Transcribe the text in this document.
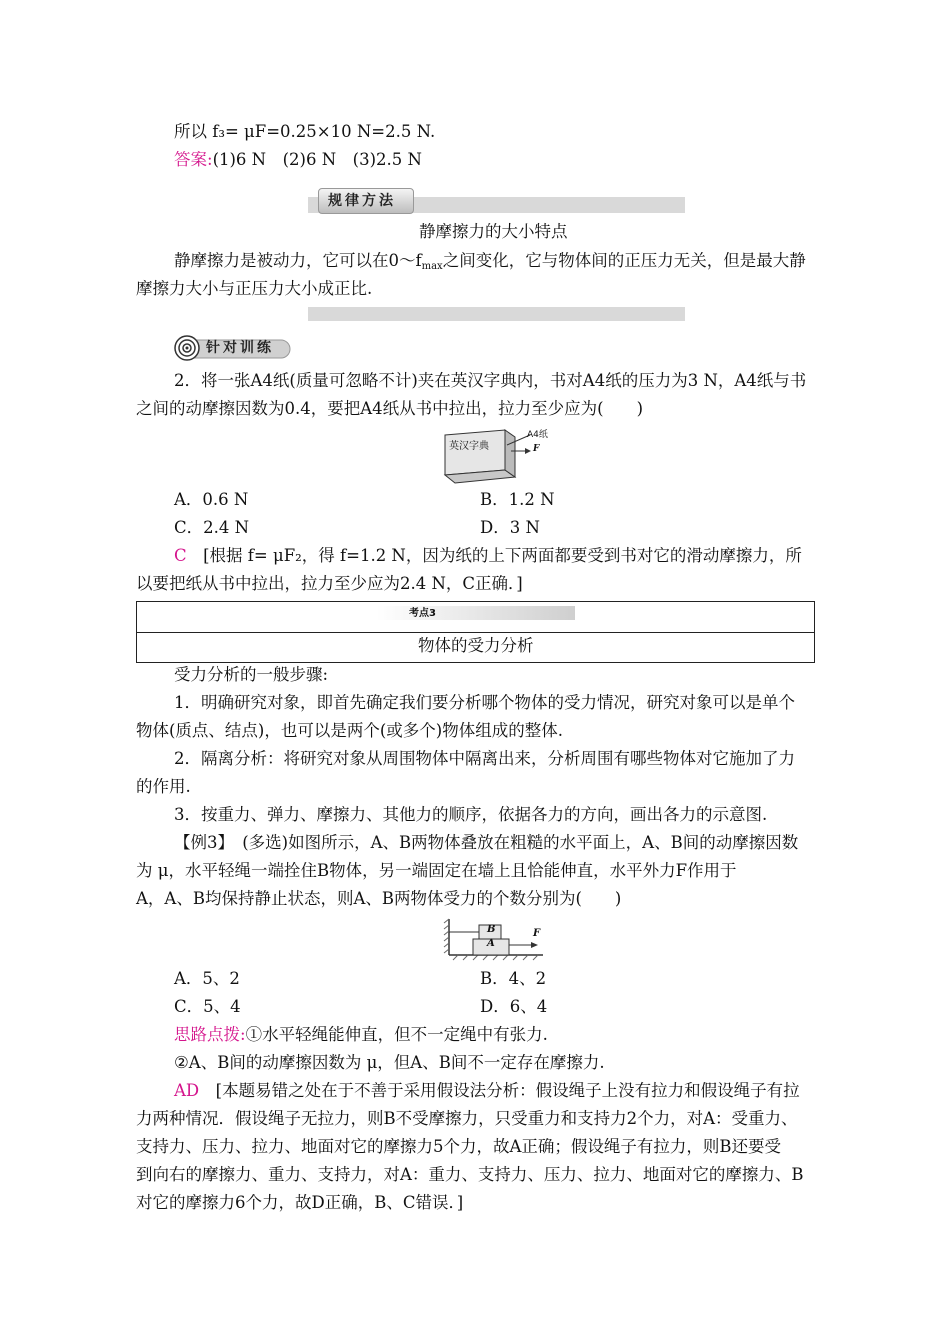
所以 f₃= μF=0.25×10 N=2.5 N.
答案:(1)6 N　(2)6 N　(3)2.5 N
规律方法
静摩擦力的大小特点
静摩擦力是被动力，它可以在$0\sim f_{max}$之间变化，它与物体间的正压力无关，但是最大静
摩擦力大小与正压力大小成正比.
针对训练
2．将一张A4纸(质量可忽略不计)夹在英汉字典内，书对A4纸的压力为3 N，A4纸与书
之间的动摩擦因数为0.4，要把A4纸从书中拉出，拉力至少应为(　　)
英汉字典
A4纸
F
A．0.6 N	B．1.2 N
C．2.4 N	D．3 N
C　 [根据 f= μF₂，得 f=1.2 N，因为纸的上下两面都要受到书对它的滑动摩擦力，所
以要把纸从书中拉出，拉力至少应为2.4 N，C正确．]
考点3
物体的受力分析
受力分析的一般步骤:
1．明确研究对象，即首先确定我们要分析哪个物体的受力情况，研究对象可以是单个
物体(质点、结点)，也可以是两个(或多个)物体组成的整体.
2．隔离分析：将研究对象从周围物体中隔离出来，分析周围有哪些物体对它施加了力
的作用.
3．按重力、弹力、摩擦力、其他力的顺序，依据各力的方向，画出各力的示意图.
【例3】　(多选)如图所示，A、B两物体叠放在粗糙的水平面上，A、B间的动摩擦因数
为 μ，水平轻绳一端拴住B物体，另一端固定在墙上且恰能伸直，水平外力F作用于
A，A、B均保持静止状态，则A、B两物体受力的个数分别为(　　)
B
A
F
A．5、2	B．4、2
C．5、4	D．6、4
思路点拨:①水平轻绳能伸直，但不一定绳中有张力.
②A、B间的动摩擦因数为 μ，但A、B间不一定存在摩擦力.
AD　 [本题易错之处在于不善于采用假设法分析：假设绳子上没有拉力和假设绳子有拉
力两种情况．假设绳子无拉力，则B不受摩擦力，只受重力和支持力2个力，对A：受重力、
支持力、压力、拉力、地面对它的摩擦力5个力，故A正确；假设绳子有拉力，则B还要受
到向右的摩擦力、重力、支持力，对A：重力、支持力、压力、拉力、地面对它的摩擦力、B
对它的摩擦力6个力，故D正确，B、C错误．]
